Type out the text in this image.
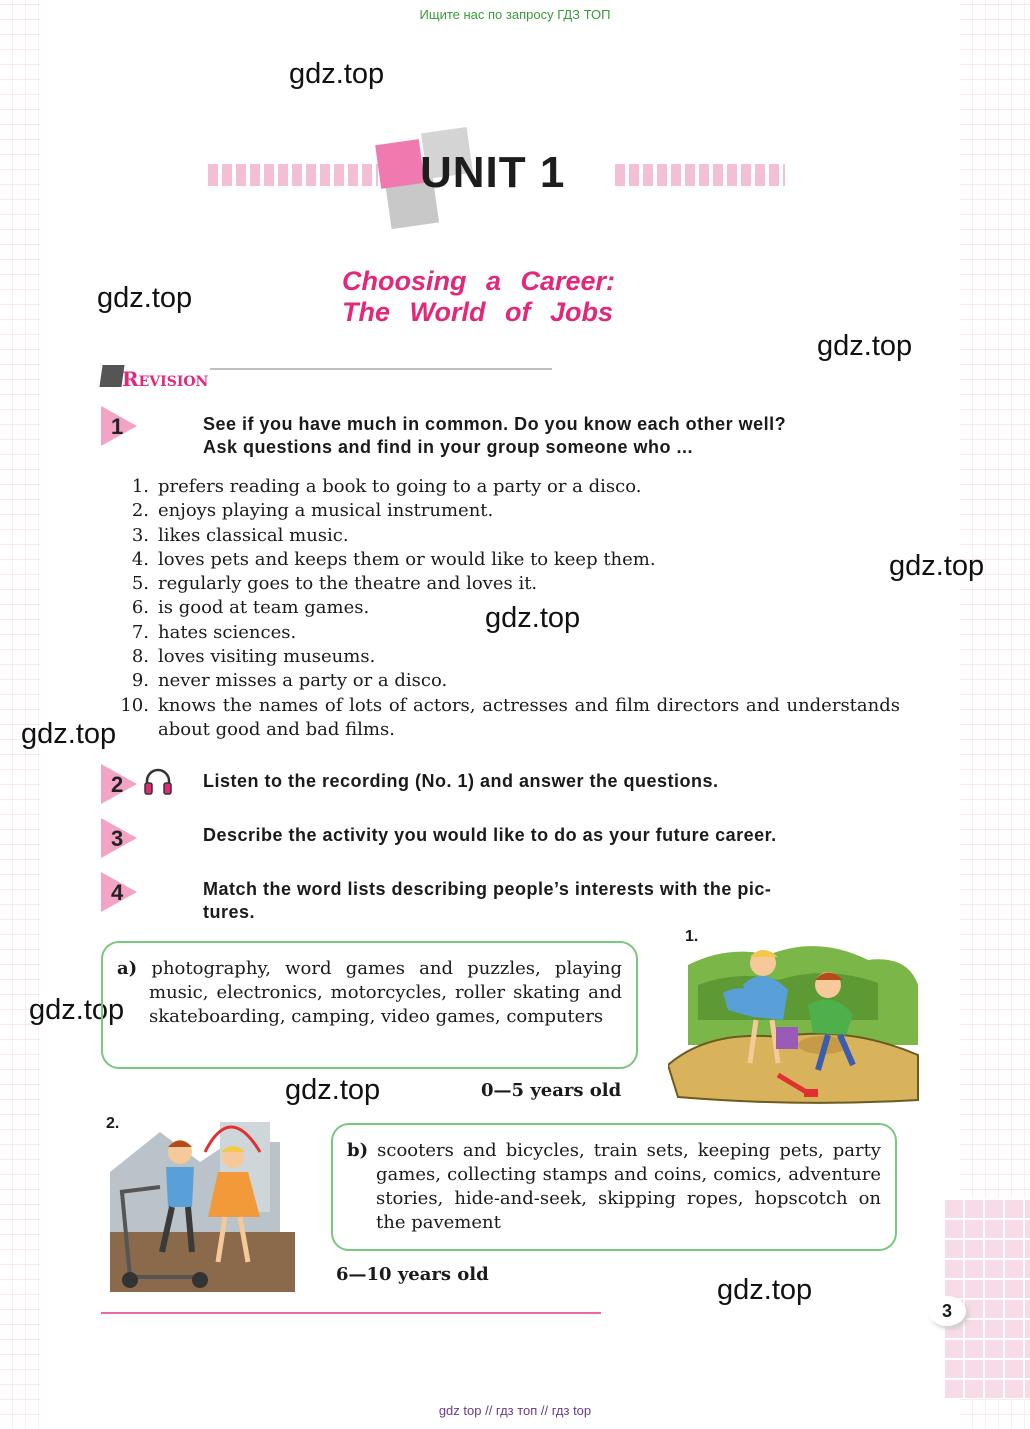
Ищите нас по запросу ГДЗ ТОП
gdz.top
gdz.top
gdz.top
gdz.top
gdz.top
gdz.top
gdz.top
gdz.top
gdz.top
UNIT 1
Choosing a Career:
The World of Jobs
Revision
1	See if you have much in common. Do you know each other well?
Ask questions and find in your group someone who ...
1. prefers reading a book to going to a party or a disco.
2. enjoys playing a musical instrument.
3. likes classical music.
4. loves pets and keeps them or would like to keep them.
5. regularly goes to the theatre and loves it.
6. is good at team games.
7. hates sciences.
8. loves visiting museums.
9. never misses a party or a disco.
10. knows the names of lots of actors, actresses and film directors and understands about good and bad films.
2	Listen to the recording (No. 1) and answer the questions.
3	Describe the activity you would like to do as your future career.
4	Match the word lists describing people’s interests with the pic-
tures.
a) photography, word games and puzzles, playing music, electronics, motorcycles, roller skating and skateboarding, camping, video games, computers
1.
0—5 years old
2.
b) scooters and bicycles, train sets, keeping pets, party games, collecting stamps and coins, comics, adventure stories, hide-and-seek, skipping ropes, hopscotch on the pavement
6—10 years old
3
gdz top // гдз топ // гдз top
